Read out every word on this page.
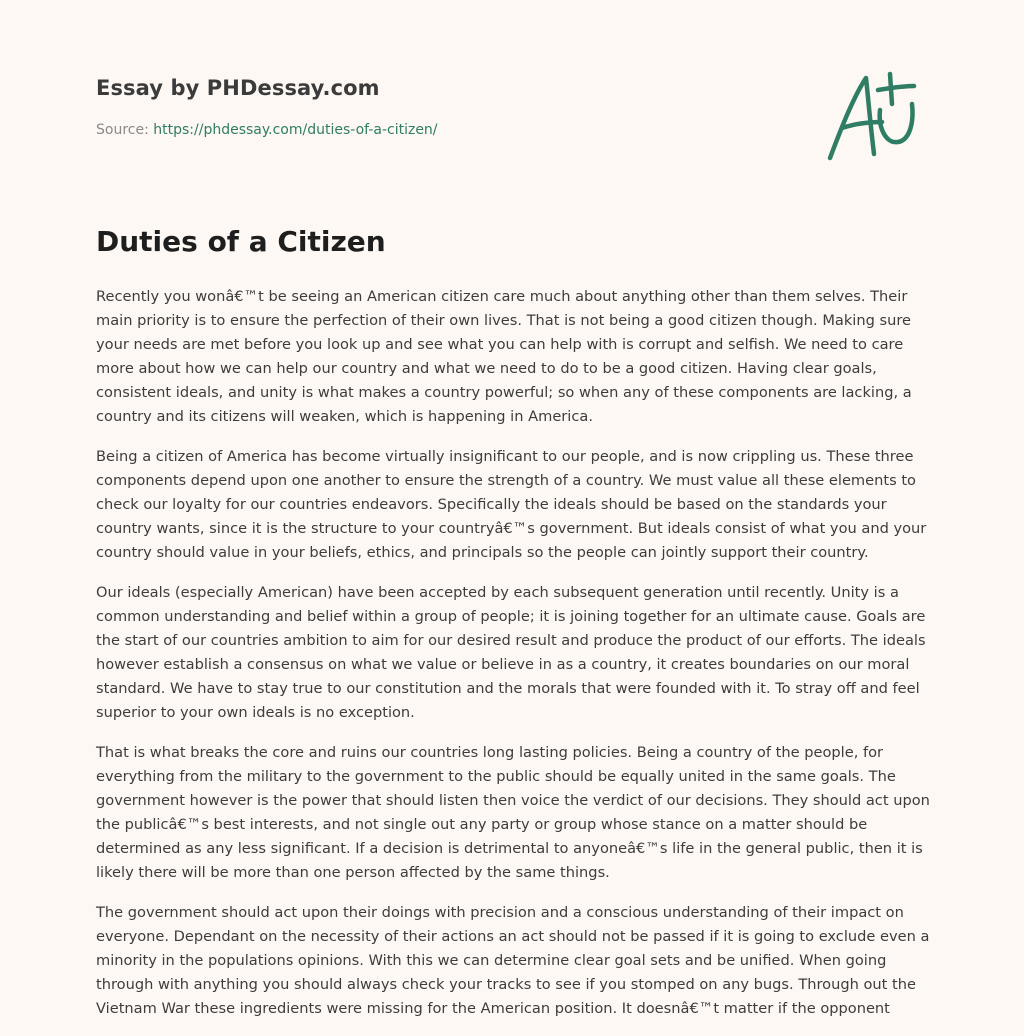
Essay by PHDessay.com
Source: https://phdessay.com/duties-of-a-citizen/
Duties of a Citizen

Recently you wonâ€™t be seeing an American citizen care much about anything other than them selves. Their main priority is to ensure the perfection of their own lives. That is not being a good citizen though. Making sure your needs are met before you look up and see what you can help with is corrupt and selfish. We need to care more about how we can help our country and what we need to do to be a good citizen. Having clear goals, consistent ideals, and unity is what makes a country powerful; so when any of these components are lacking, a country and its citizens will weaken, which is happening in America.

Being a citizen of America has become virtually insignificant to our people, and is now crippling us. These three components depend upon one another to ensure the strength of a country. We must value all these elements to check our loyalty for our countries endeavors. Specifically the ideals should be based on the standards your country wants, since it is the structure to your countryâ€™s government. But ideals consist of what you and your country should value in your beliefs, ethics, and principals so the people can jointly support their country.

Our ideals (especially American) have been accepted by each subsequent generation until recently. Unity is a common understanding and belief within a group of people; it is joining together for an ultimate cause. Goals are the start of our countries ambition to aim for our desired result and produce the product of our efforts. The ideals however establish a consensus on what we value or believe in as a country, it creates boundaries on our moral standard. We have to stay true to our constitution and the morals that were founded with it. To stray off and feel superior to your own ideals is no exception.

That is what breaks the core and ruins our countries long lasting policies. Being a country of the people, for everything from the military to the government to the public should be equally united in the same goals. The government however is the power that should listen then voice the verdict of our decisions. They should act upon the publicâ€™s best interests, and not single out any party or group whose stance on a matter should be determined as any less significant. If a decision is detrimental to anyoneâ€™s life in the general public, then it is likely there will be more than one person affected by the same things.

The government should act upon their doings with precision and a conscious understanding of their impact on everyone. Dependant on the necessity of their actions an act should not be passed if it is going to exclude even a minority in the populations opinions. With this we can determine clear goal sets and be unified. When going through with anything you should always check your tracks to see if you stomped on any bugs. Through out the Vietnam War these ingredients were missing for the American position. It doesnâ€™t matter if the opponent
